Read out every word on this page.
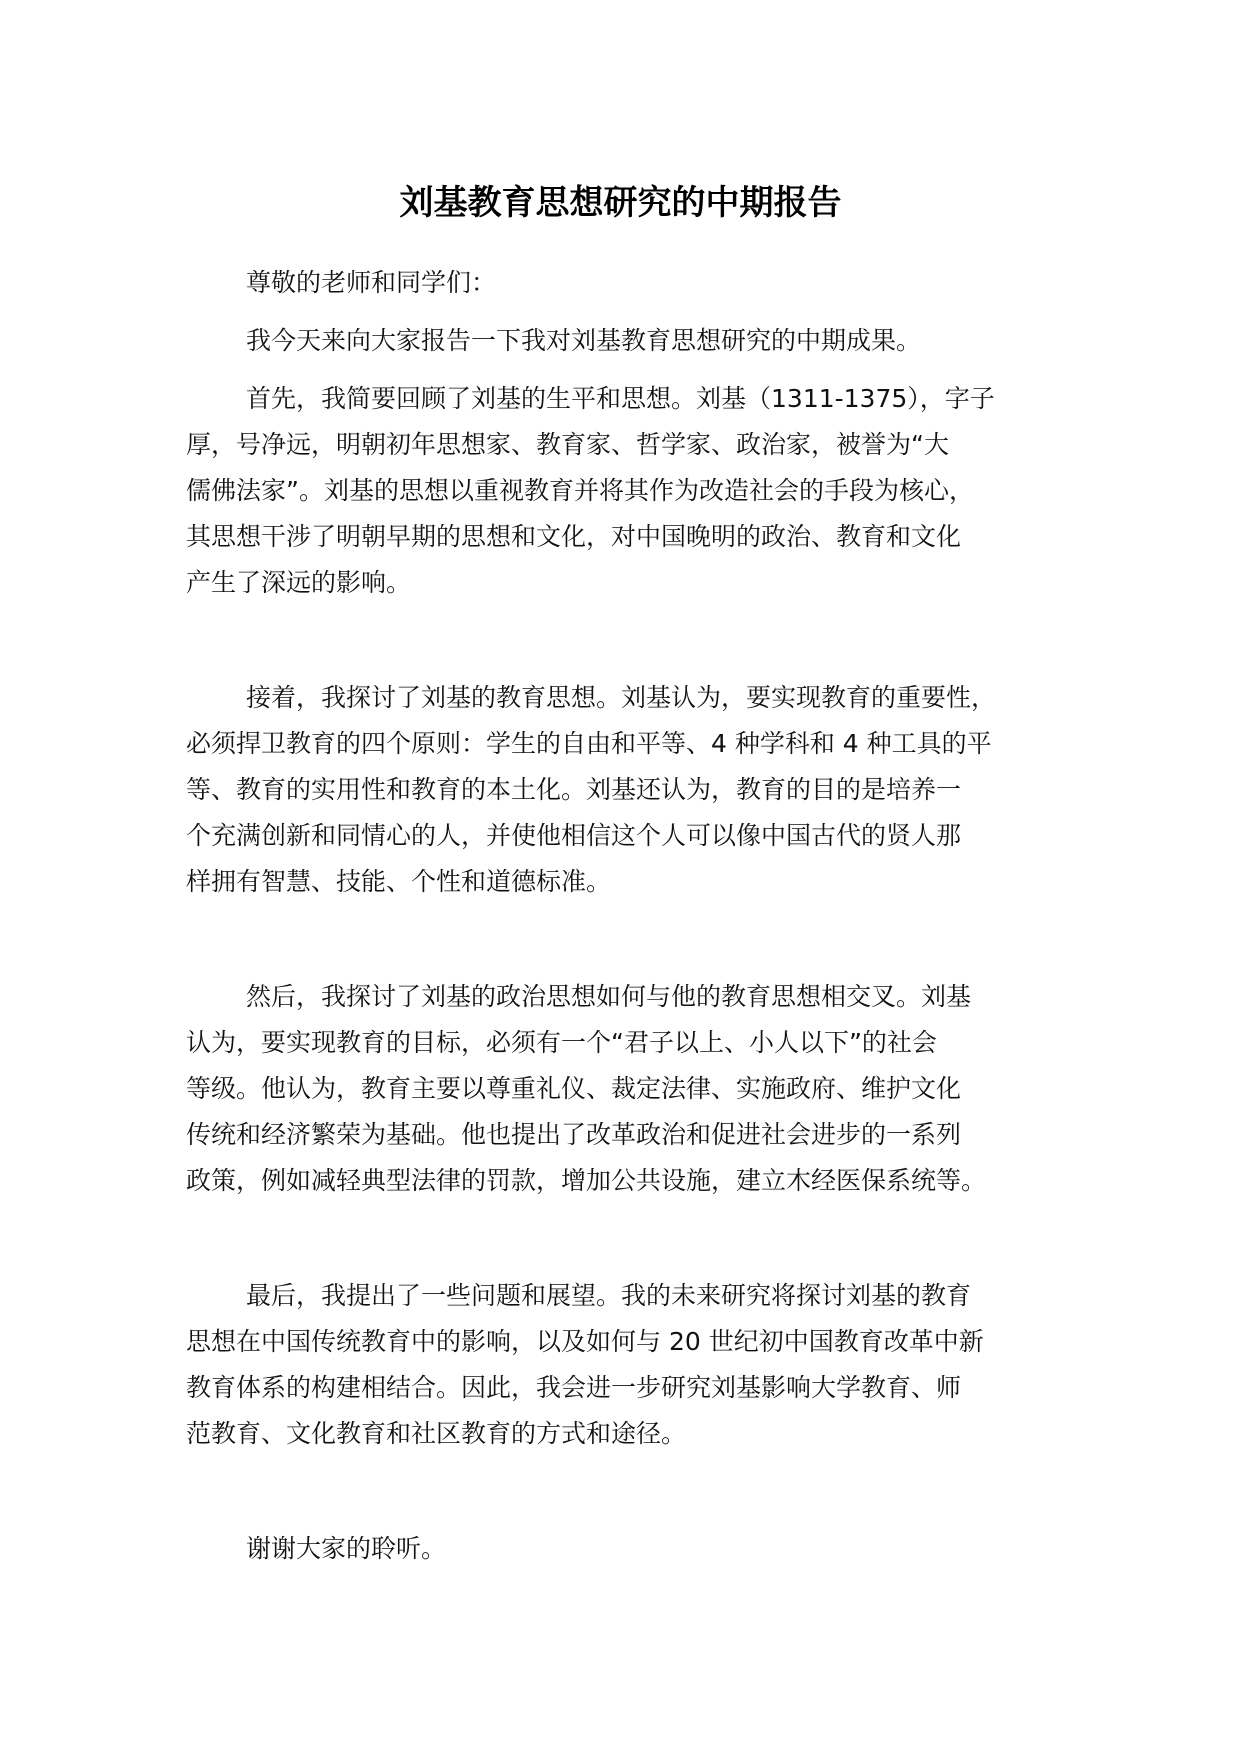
刘基教育思想研究的中期报告
尊敬的老师和同学们：
我今天来向大家报告一下我对刘基教育思想研究的中期成果。
首先，我简要回顾了刘基的生平和思想。刘基（1311-1375），字子
厚，号净远，明朝初年思想家、教育家、哲学家、政治家，被誉为“大
儒佛法家”。刘基的思想以重视教育并将其作为改造社会的手段为核心，
其思想干涉了明朝早期的思想和文化，对中国晚明的政治、教育和文化
产生了深远的影响。
接着，我探讨了刘基的教育思想。刘基认为，要实现教育的重要性，
必须捍卫教育的四个原则：学生的自由和平等、4 种学科和 4 种工具的平
等、教育的实用性和教育的本土化。刘基还认为，教育的目的是培养一
个充满创新和同情心的人，并使他相信这个人可以像中国古代的贤人那
样拥有智慧、技能、个性和道德标准。
然后，我探讨了刘基的政治思想如何与他的教育思想相交叉。刘基
认为，要实现教育的目标，必须有一个“君子以上、小人以下”的社会
等级。他认为，教育主要以尊重礼仪、裁定法律、实施政府、维护文化
传统和经济繁荣为基础。他也提出了改革政治和促进社会进步的一系列
政策，例如减轻典型法律的罚款，增加公共设施，建立木经医保系统等。
最后，我提出了一些问题和展望。我的未来研究将探讨刘基的教育
思想在中国传统教育中的影响，以及如何与 20 世纪初中国教育改革中新
教育体系的构建相结合。因此，我会进一步研究刘基影响大学教育、师
范教育、文化教育和社区教育的方式和途径。
谢谢大家的聆听。
